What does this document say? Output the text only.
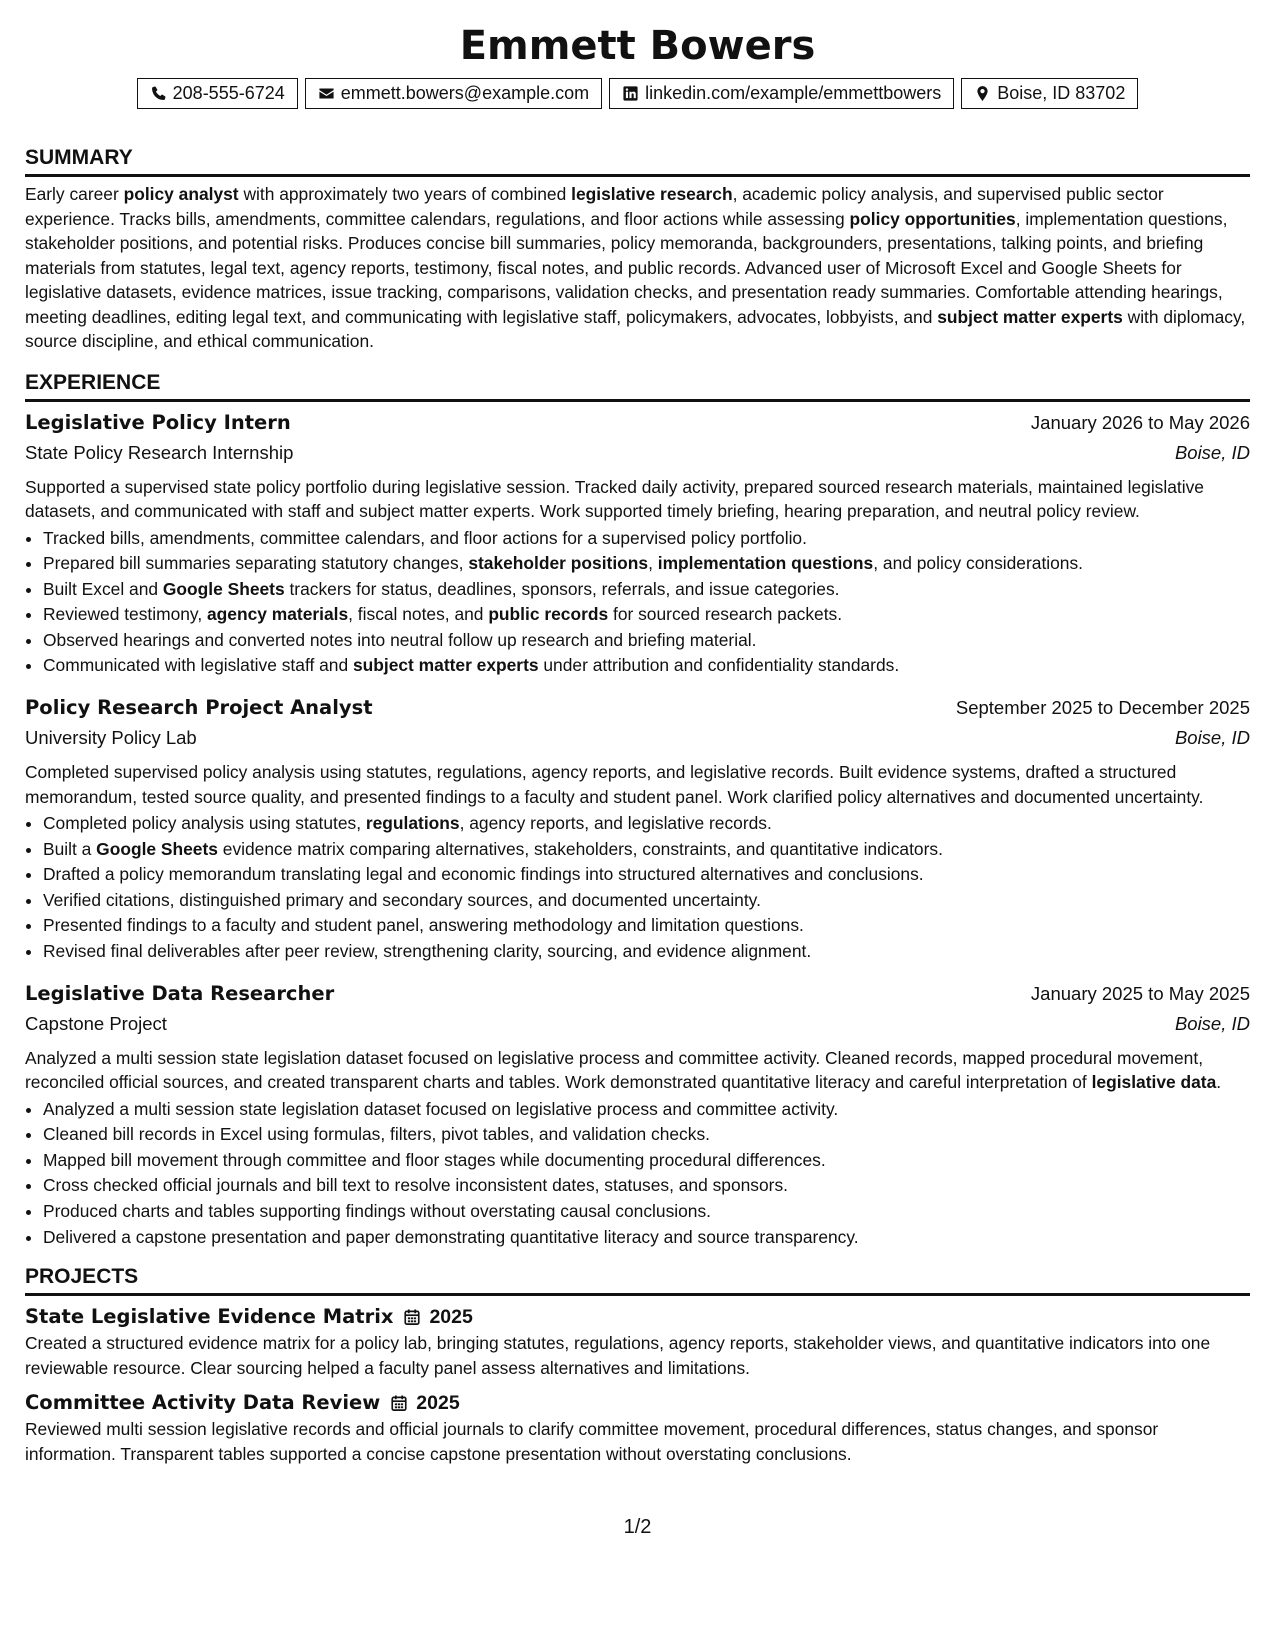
Emmett Bowers
208-555-6724	emmett.bowers@example.com	linkedin.com/example/emmettbowers	Boise, ID 83702
SUMMARY

Early career policy analyst with approximately two years of combined legislative research, academic policy analysis, and supervised public sector experience. Tracks bills, amendments, committee calendars, regulations, and floor actions while assessing policy opportunities, implementation questions, stakeholder positions, and potential risks. Produces concise bill summaries, policy memoranda, backgrounders, presentations, talking points, and briefing materials from statutes, legal text, agency reports, testimony, fiscal notes, and public records. Advanced user of Microsoft Excel and Google Sheets for legislative datasets, evidence matrices, issue tracking, comparisons, validation checks, and presentation ready summaries. Comfortable attending hearings, meeting deadlines, editing legal text, and communicating with legislative staff, policymakers, advocates, lobbyists, and subject matter experts with diplomacy, source discipline, and ethical communication.

EXPERIENCE
Legislative Policy Intern	January 2026 to May 2026
State Policy Research Internship	Boise, ID

Supported a supervised state policy portfolio during legislative session. Tracked daily activity, prepared sourced research materials, maintained legislative datasets, and communicated with staff and subject matter experts. Work supported timely briefing, hearing preparation, and neutral policy review.

• Tracked bills, amendments, committee calendars, and floor actions for a supervised policy portfolio.
• Prepared bill summaries separating statutory changes, stakeholder positions, implementation questions, and policy considerations.
• Built Excel and Google Sheets trackers for status, deadlines, sponsors, referrals, and issue categories.
• Reviewed testimony, agency materials, fiscal notes, and public records for sourced research packets.
• Observed hearings and converted notes into neutral follow up research and briefing material.
• Communicated with legislative staff and subject matter experts under attribution and confidentiality standards.
Policy Research Project Analyst	September 2025 to December 2025
University Policy Lab	Boise, ID

Completed supervised policy analysis using statutes, regulations, agency reports, and legislative records. Built evidence systems, drafted a structured memorandum, tested source quality, and presented findings to a faculty and student panel. Work clarified policy alternatives and documented uncertainty.

• Completed policy analysis using statutes, regulations, agency reports, and legislative records.
• Built a Google Sheets evidence matrix comparing alternatives, stakeholders, constraints, and quantitative indicators.
• Drafted a policy memorandum translating legal and economic findings into structured alternatives and conclusions.
• Verified citations, distinguished primary and secondary sources, and documented uncertainty.
• Presented findings to a faculty and student panel, answering methodology and limitation questions.
• Revised final deliverables after peer review, strengthening clarity, sourcing, and evidence alignment.
Legislative Data Researcher	January 2025 to May 2025
Capstone Project	Boise, ID

Analyzed a multi session state legislation dataset focused on legislative process and committee activity. Cleaned records, mapped procedural movement, reconciled official sources, and created transparent charts and tables. Work demonstrated quantitative literacy and careful interpretation of legislative data.

• Analyzed a multi session state legislation dataset focused on legislative process and committee activity.
• Cleaned bill records in Excel using formulas, filters, pivot tables, and validation checks.
• Mapped bill movement through committee and floor stages while documenting procedural differences.
• Cross checked official journals and bill text to resolve inconsistent dates, statuses, and sponsors.
• Produced charts and tables supporting findings without overstating causal conclusions.
• Delivered a capstone presentation and paper demonstrating quantitative literacy and source transparency.
PROJECTS
State Legislative Evidence Matrix 2025

Created a structured evidence matrix for a policy lab, bringing statutes, regulations, agency reports, stakeholder views, and quantitative indicators into one reviewable resource. Clear sourcing helped a faculty panel assess alternatives and limitations.

Committee Activity Data Review 2025

Reviewed multi session legislative records and official journals to clarify committee movement, procedural differences, status changes, and sponsor information. Transparent tables supported a concise capstone presentation without overstating conclusions.

1/2
